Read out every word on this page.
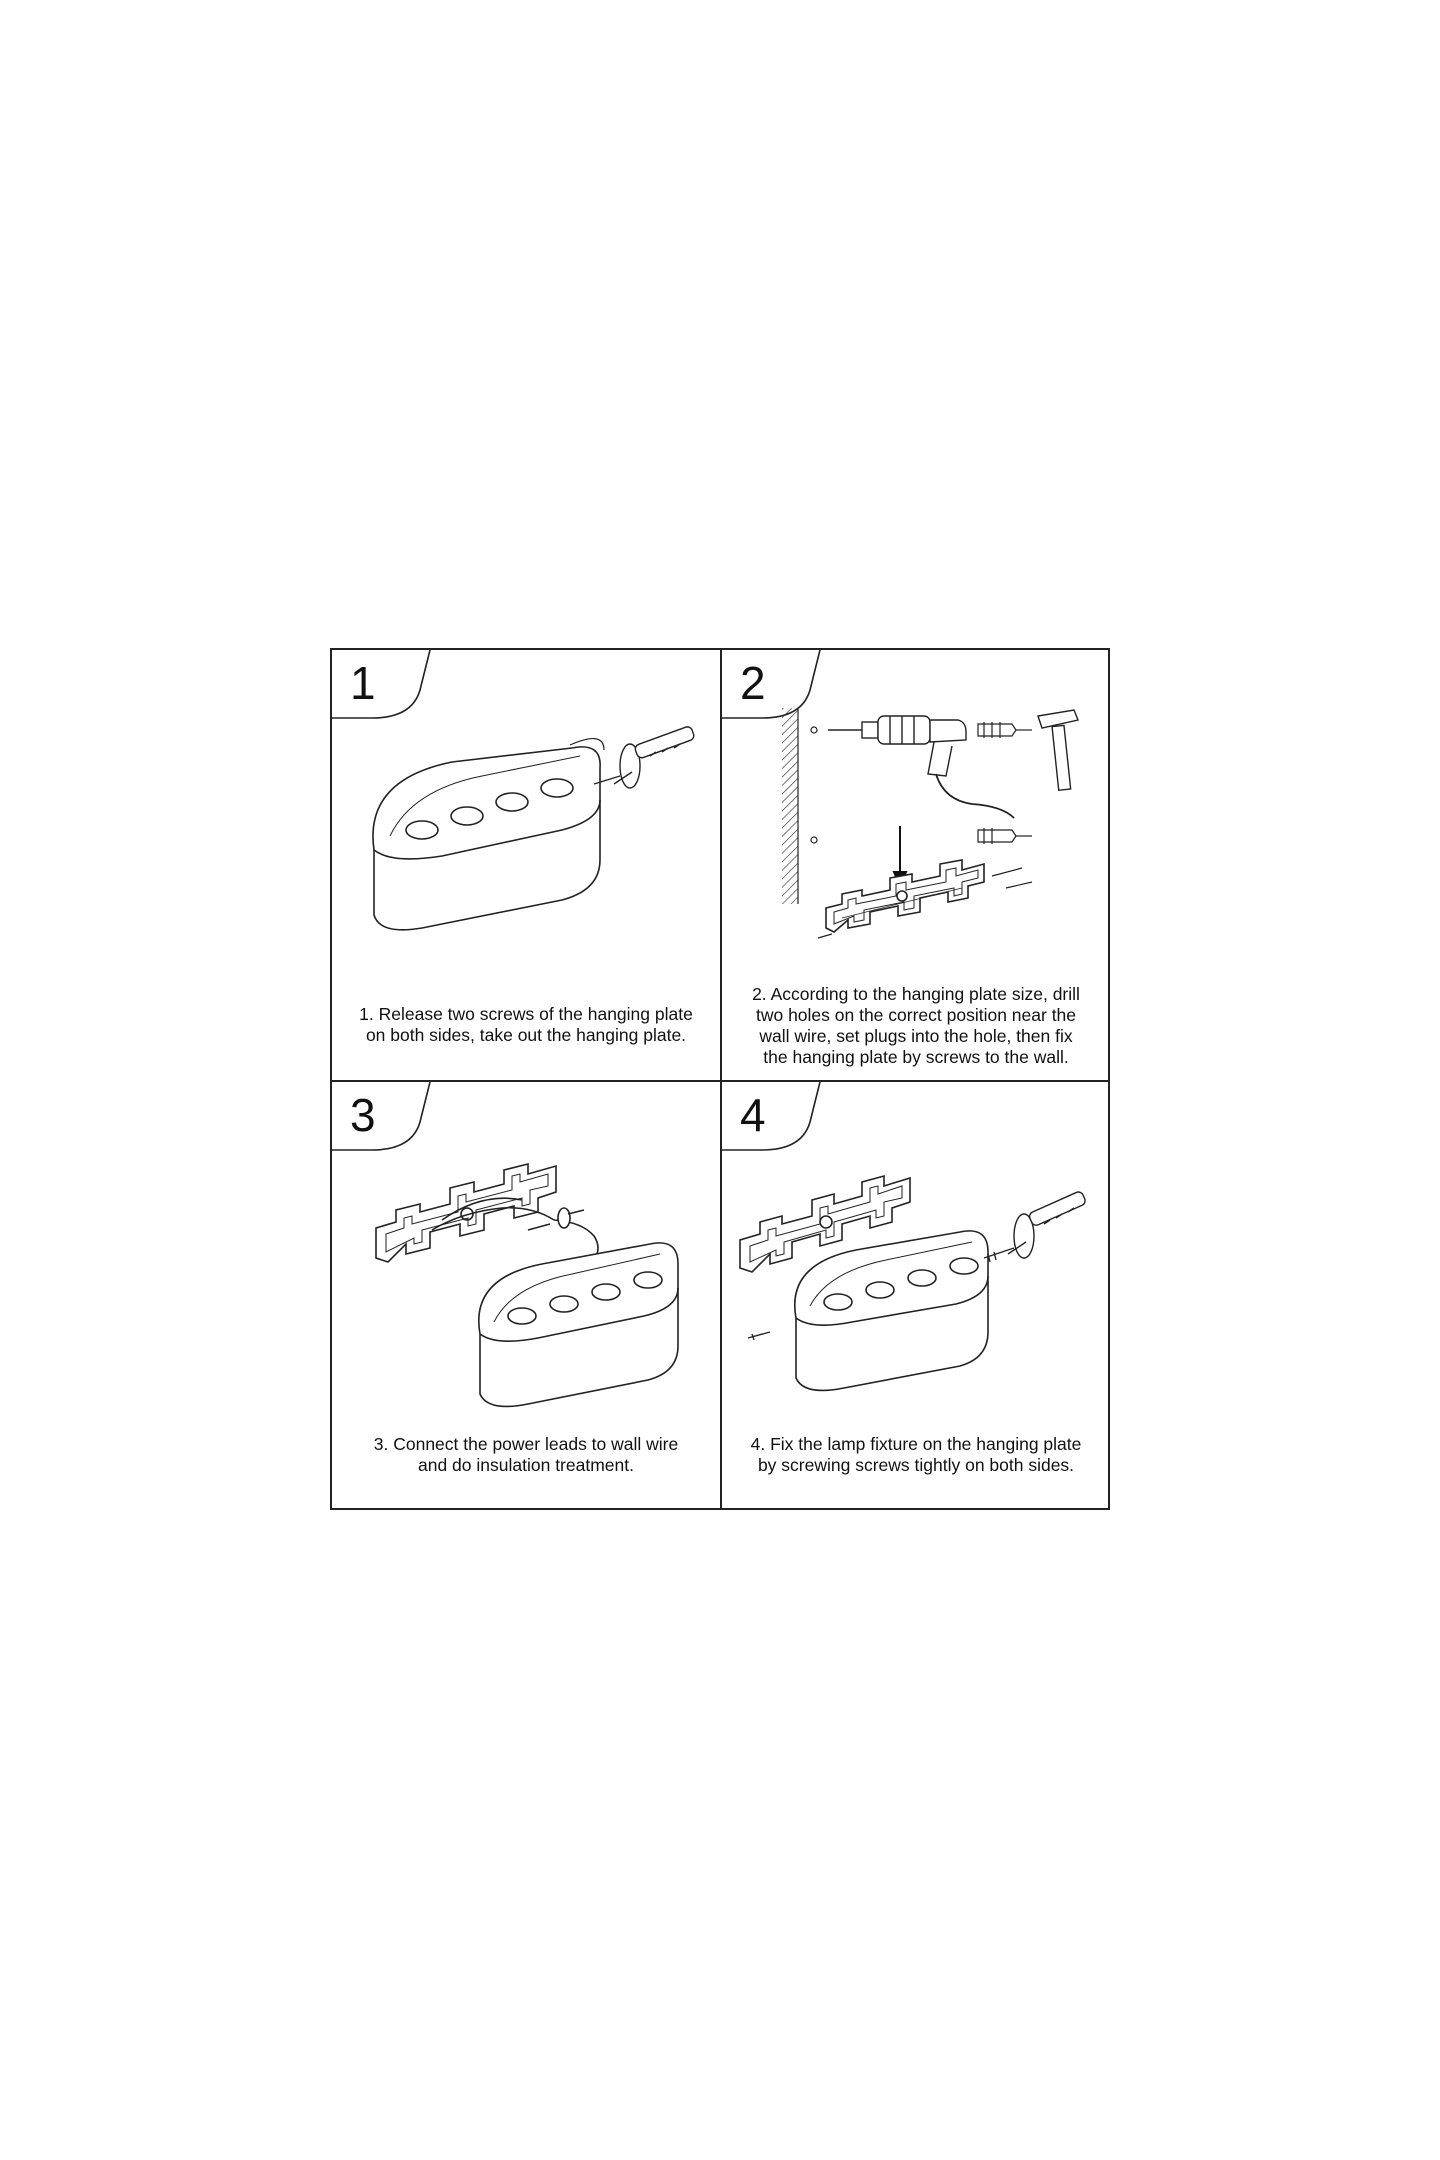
1
1. Release two screws of the hanging plate
on both sides, take out the hanging plate.
2
2. According to the hanging plate size, drill
two holes on the correct position near the
wall wire, set plugs into the hole, then fix
the hanging plate by screws to the wall.
3
3. Connect the power leads to wall wire
and do insulation treatment.
4
4. Fix the lamp fixture on the hanging plate
by screwing screws tightly on both sides.
